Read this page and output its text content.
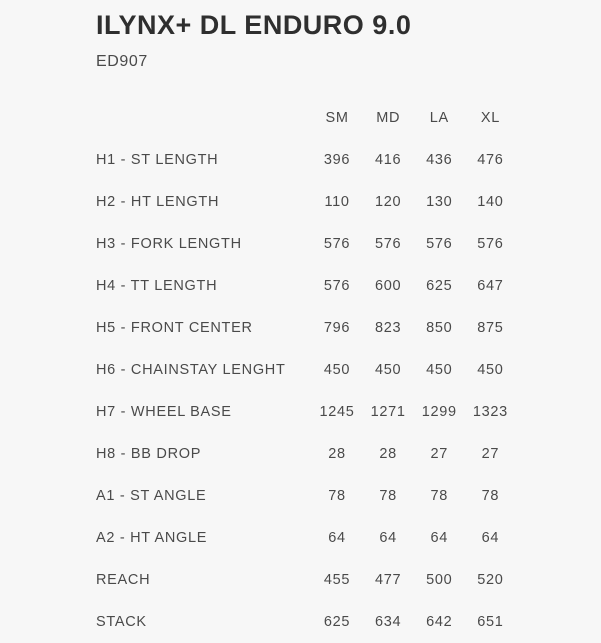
ILYNX+ DL ENDURO 9.0
ED907
	SM	MD	LA	XL
H1 - ST LENGTH	396	416	436	476
H2 - HT LENGTH	110	120	130	140
H3 - FORK LENGTH	576	576	576	576
H4 - TT LENGTH	576	600	625	647
H5 - FRONT CENTER	796	823	850	875
H6 - CHAINSTAY LENGHT	450	450	450	450
H7 - WHEEL BASE	1245	1271	1299	1323
H8 - BB DROP	28	28	27	27
A1 - ST ANGLE	78	78	78	78
A2 - HT ANGLE	64	64	64	64
REACH	455	477	500	520
STACK	625	634	642	651
